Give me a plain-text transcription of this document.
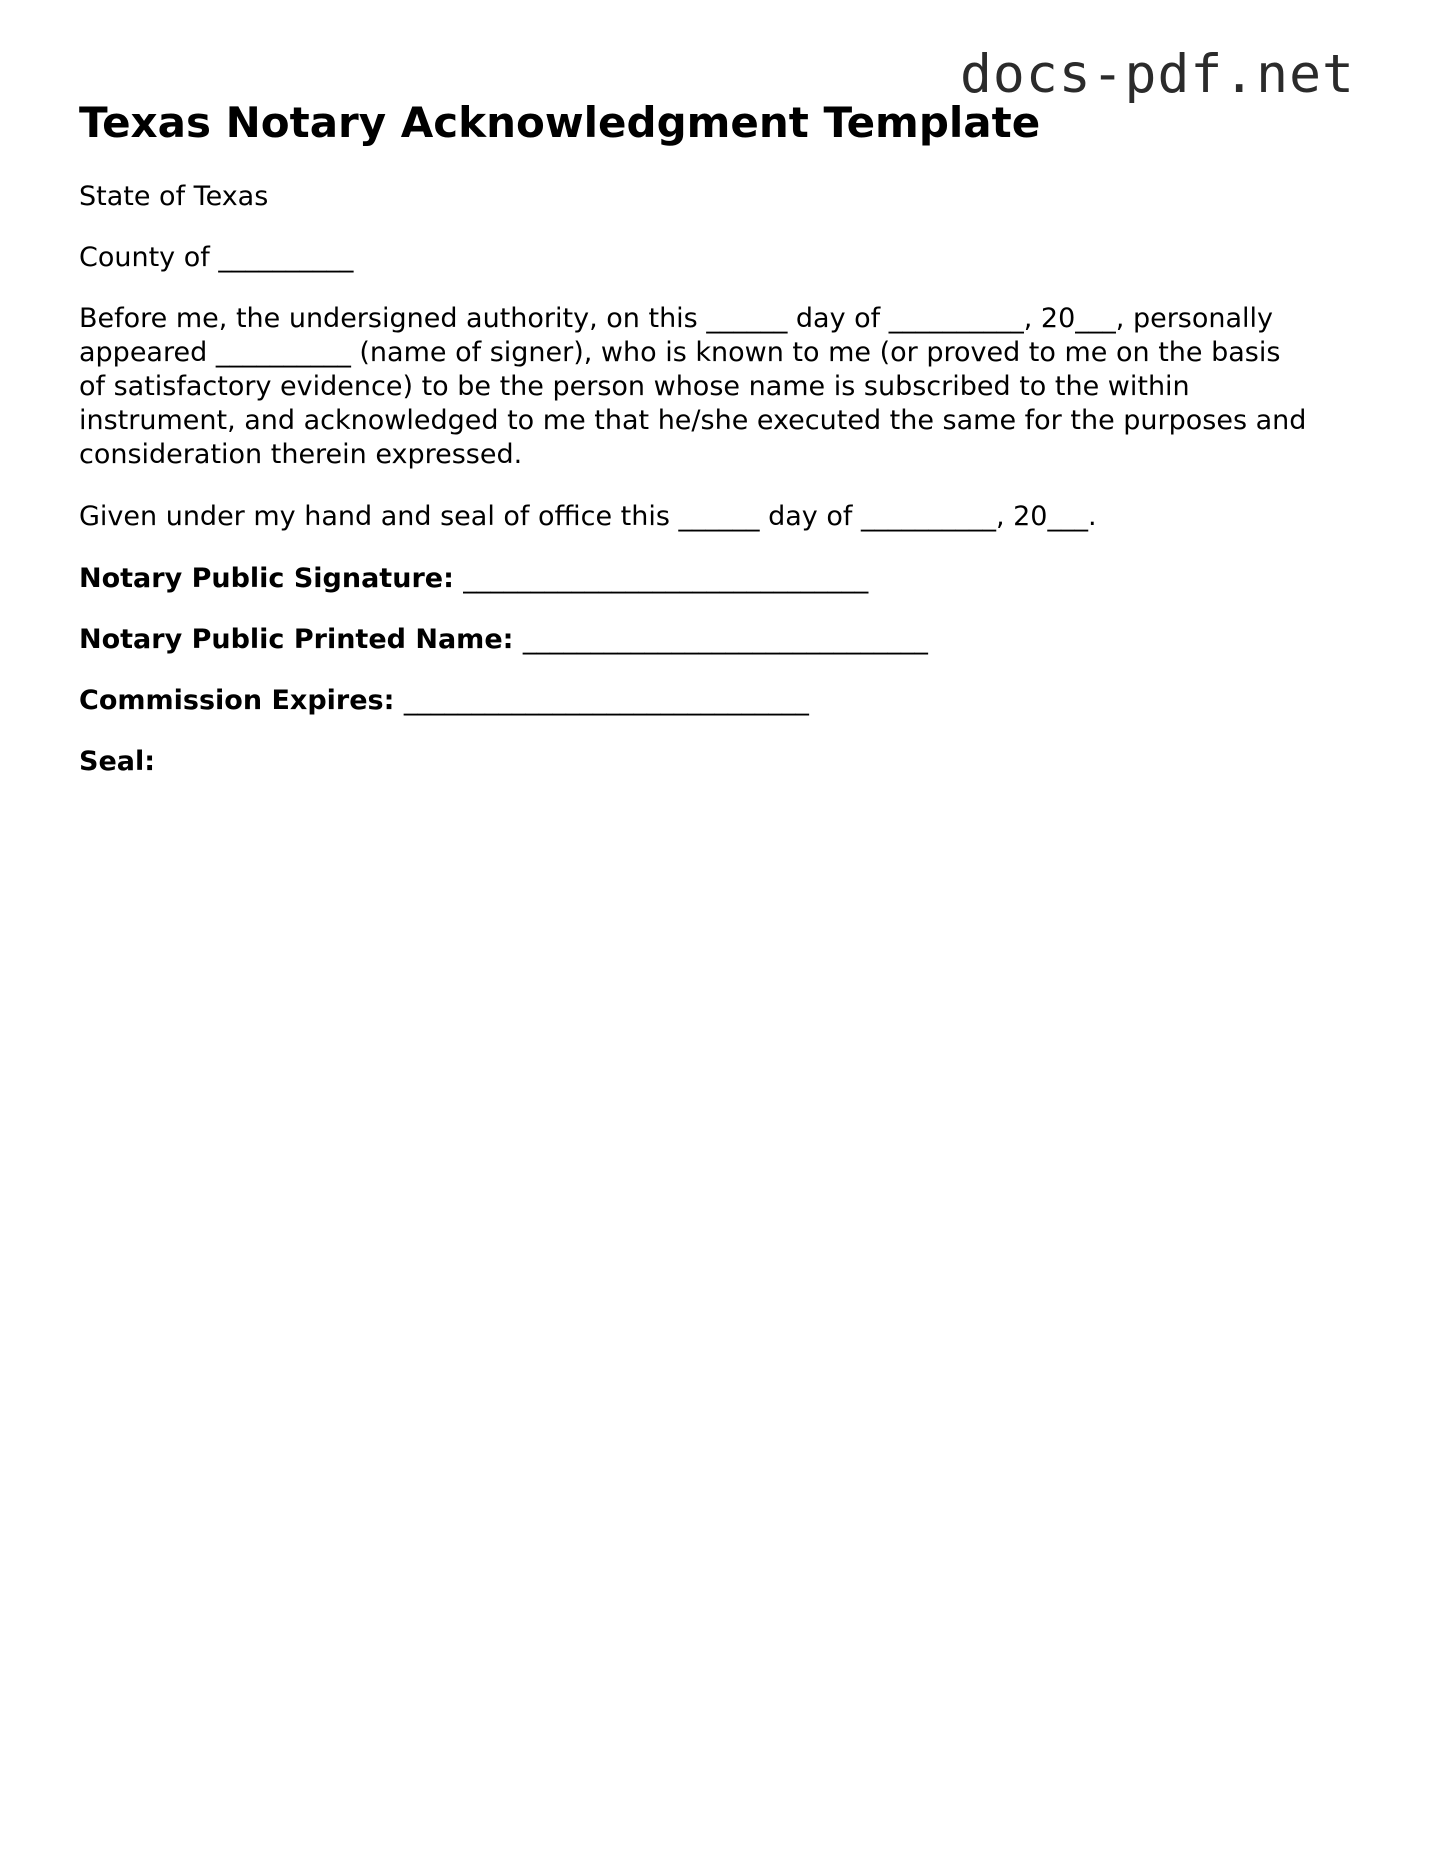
docs-pdf.net
Texas Notary Acknowledgment Template

State of Texas

County of __________

Before me, the undersigned authority, on this ______ day of __________, 20___, personally

appeared __________ (name of signer), who is known to me (or proved to me on the basis

of satisfactory evidence) to be the person whose name is subscribed to the within

instrument, and acknowledged to me that he/she executed the same for the purposes and

consideration therein expressed.

Given under my hand and seal of office this ______ day of __________, 20___.

Notary Public Signature: ______________________________

Notary Public Printed Name: ______________________________

Commission Expires: ______________________________

Seal:
